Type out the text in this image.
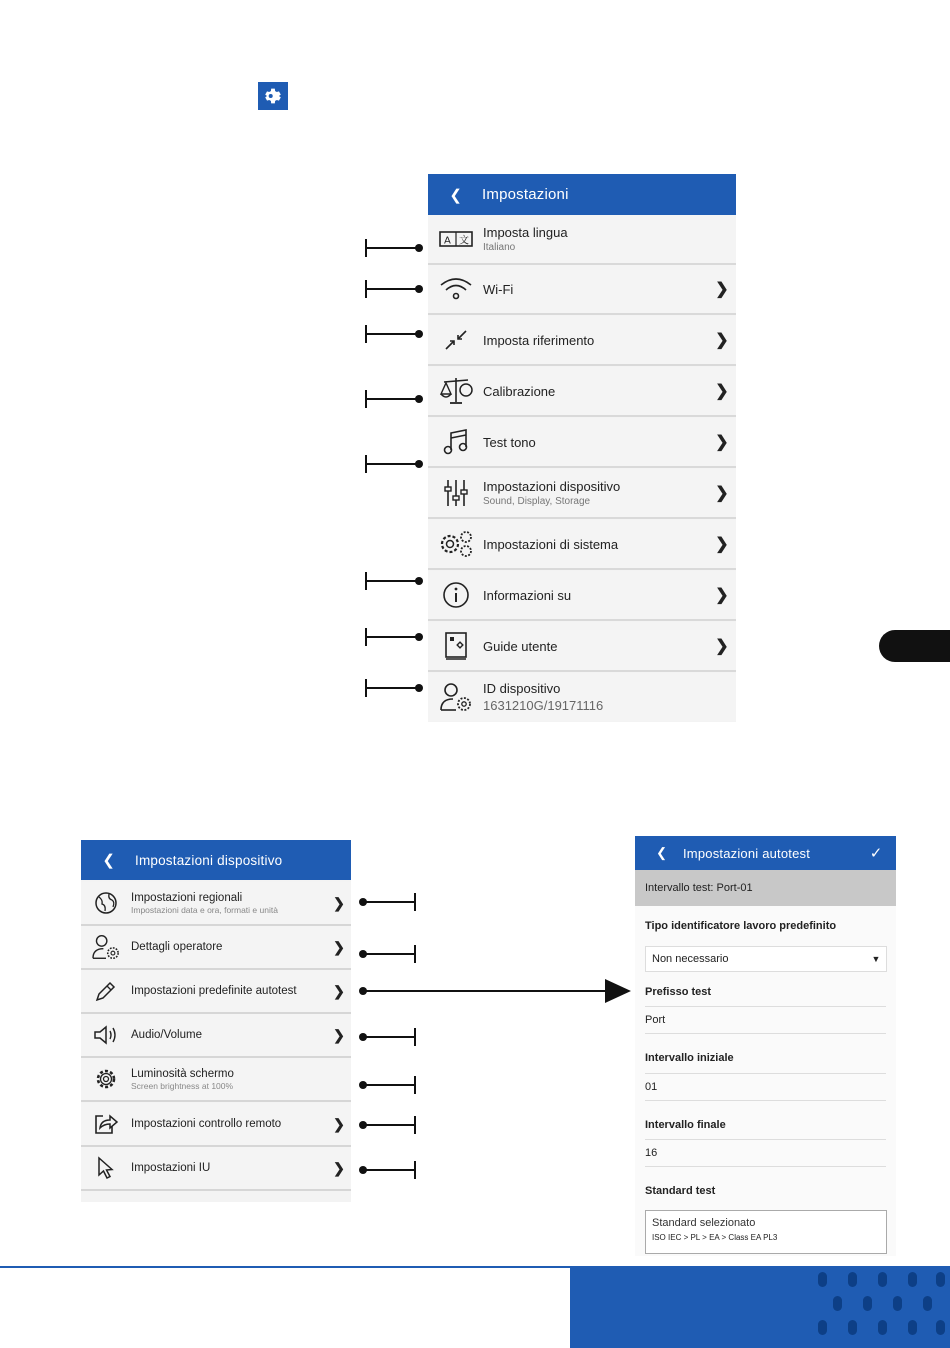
❮ Impostazioni
A 文
Imposta lingua
Italiano
Wi-Fi	❯
Imposta riferimento	❯
Calibrazione	❯
Test tono	❯
Impostazioni dispositivo
Sound, Display, Storage	❯
Impostazioni di sistema	❯
Informazioni su	❯
Guide utente	❯
ID dispositivo
1631210G/19171116
❮ Impostazioni dispositivo
Impostazioni regionali
Impostazioni data e ora, formati e unità	❯
Dettagli operatore	❯
Impostazioni predefinite autotest	❯
Audio/Volume	❯
Luminosità schermo
Screen brightness at 100%
Impostazioni controllo remoto	❯
Impostazioni IU	❯
❮ Impostazioni autotest	✓
Intervallo test: Port-01
Tipo identificatore lavoro predefinito
Non necessario	▼
Prefisso test
Port
Intervallo iniziale
01
Intervallo finale
16
Standard test
Standard selezionato
ISO IEC > PL > EA > Class EA PL3
